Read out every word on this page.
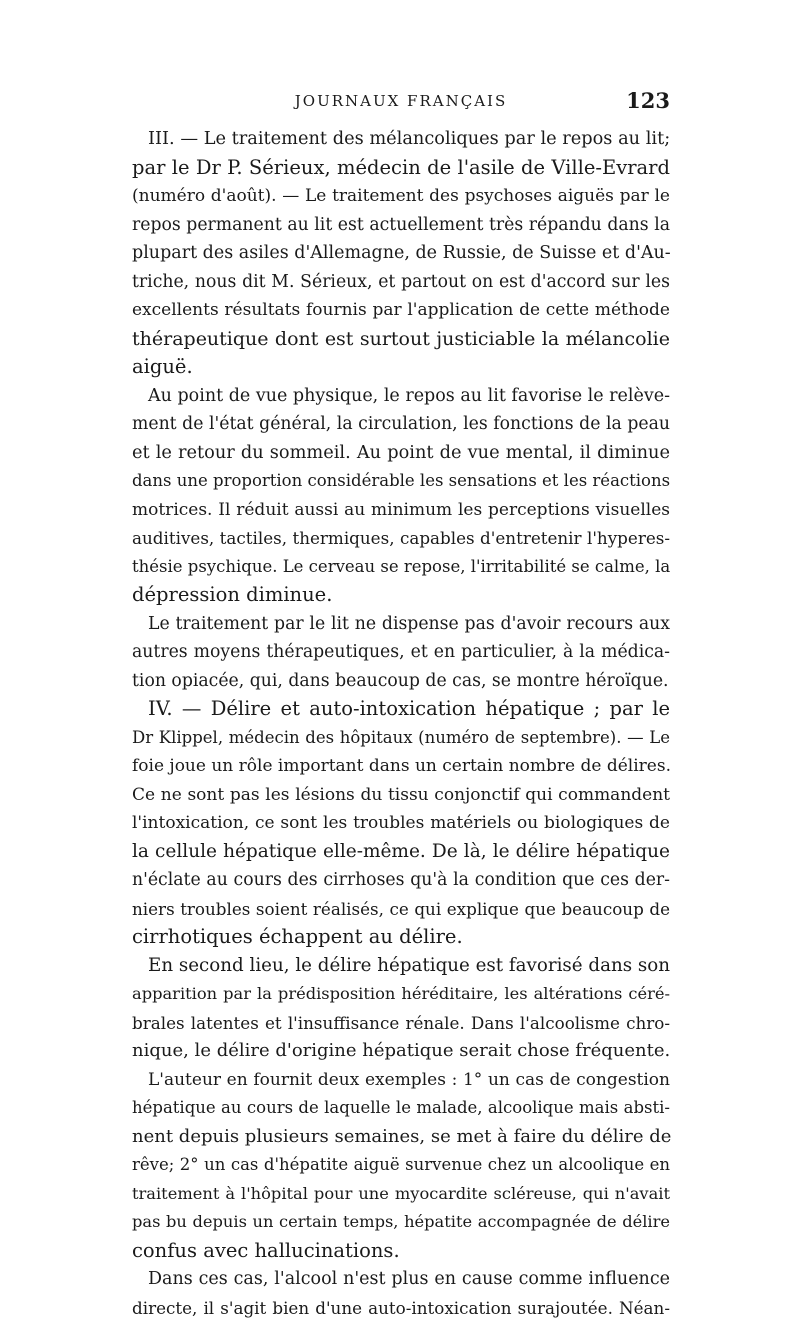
JOURNAUX FRANÇAIS	123
III. — Le traitement des mélancoliques par le repos au lit;
par le Dr P. Sérieux, médecin de l'asile de Ville-Evrard
(numéro d'août). — Le traitement des psychoses aiguës par le
repos permanent au lit est actuellement très répandu dans la
plupart des asiles d'Allemagne, de Russie, de Suisse et d'Au-
triche, nous dit M. Sérieux, et partout on est d'accord sur les
excellents résultats fournis par l'application de cette méthode
thérapeutique dont est surtout justiciable la mélancolie
aiguë.
Au point de vue physique, le repos au lit favorise le relève-
ment de l'état général, la circulation, les fonctions de la peau
et le retour du sommeil. Au point de vue mental, il diminue
dans une proportion considérable les sensations et les réactions
motrices. Il réduit aussi au minimum les perceptions visuelles
auditives, tactiles, thermiques, capables d'entretenir l'hyperes-
thésie psychique. Le cerveau se repose, l'irritabilité se calme, la
dépression diminue.
Le traitement par le lit ne dispense pas d'avoir recours aux
autres moyens thérapeutiques, et en particulier, à la médica-
tion opiacée, qui, dans beaucoup de cas, se montre héroïque.
IV. — Délire et auto-intoxication hépatique ; par le
Dr Klippel, médecin des hôpitaux (numéro de septembre). — Le
foie joue un rôle important dans un certain nombre de délires.
Ce ne sont pas les lésions du tissu conjonctif qui commandent
l'intoxication, ce sont les troubles matériels ou biologiques de
la cellule hépatique elle-même. De là, le délire hépatique
n'éclate au cours des cirrhoses qu'à la condition que ces der-
niers troubles soient réalisés, ce qui explique que beaucoup de
cirrhotiques échappent au délire.
En second lieu, le délire hépatique est favorisé dans son
apparition par la prédisposition héréditaire, les altérations céré-
brales latentes et l'insuffisance rénale. Dans l'alcoolisme chro-
nique, le délire d'origine hépatique serait chose fréquente.
L'auteur en fournit deux exemples : 1° un cas de congestion
hépatique au cours de laquelle le malade, alcoolique mais absti-
nent depuis plusieurs semaines, se met à faire du délire de
rêve; 2° un cas d'hépatite aiguë survenue chez un alcoolique en
traitement à l'hôpital pour une myocardite scléreuse, qui n'avait
pas bu depuis un certain temps, hépatite accompagnée de délire
confus avec hallucinations.
Dans ces cas, l'alcool n'est plus en cause comme influence
directe, il s'agit bien d'une auto-intoxication surajoutée. Néan-
